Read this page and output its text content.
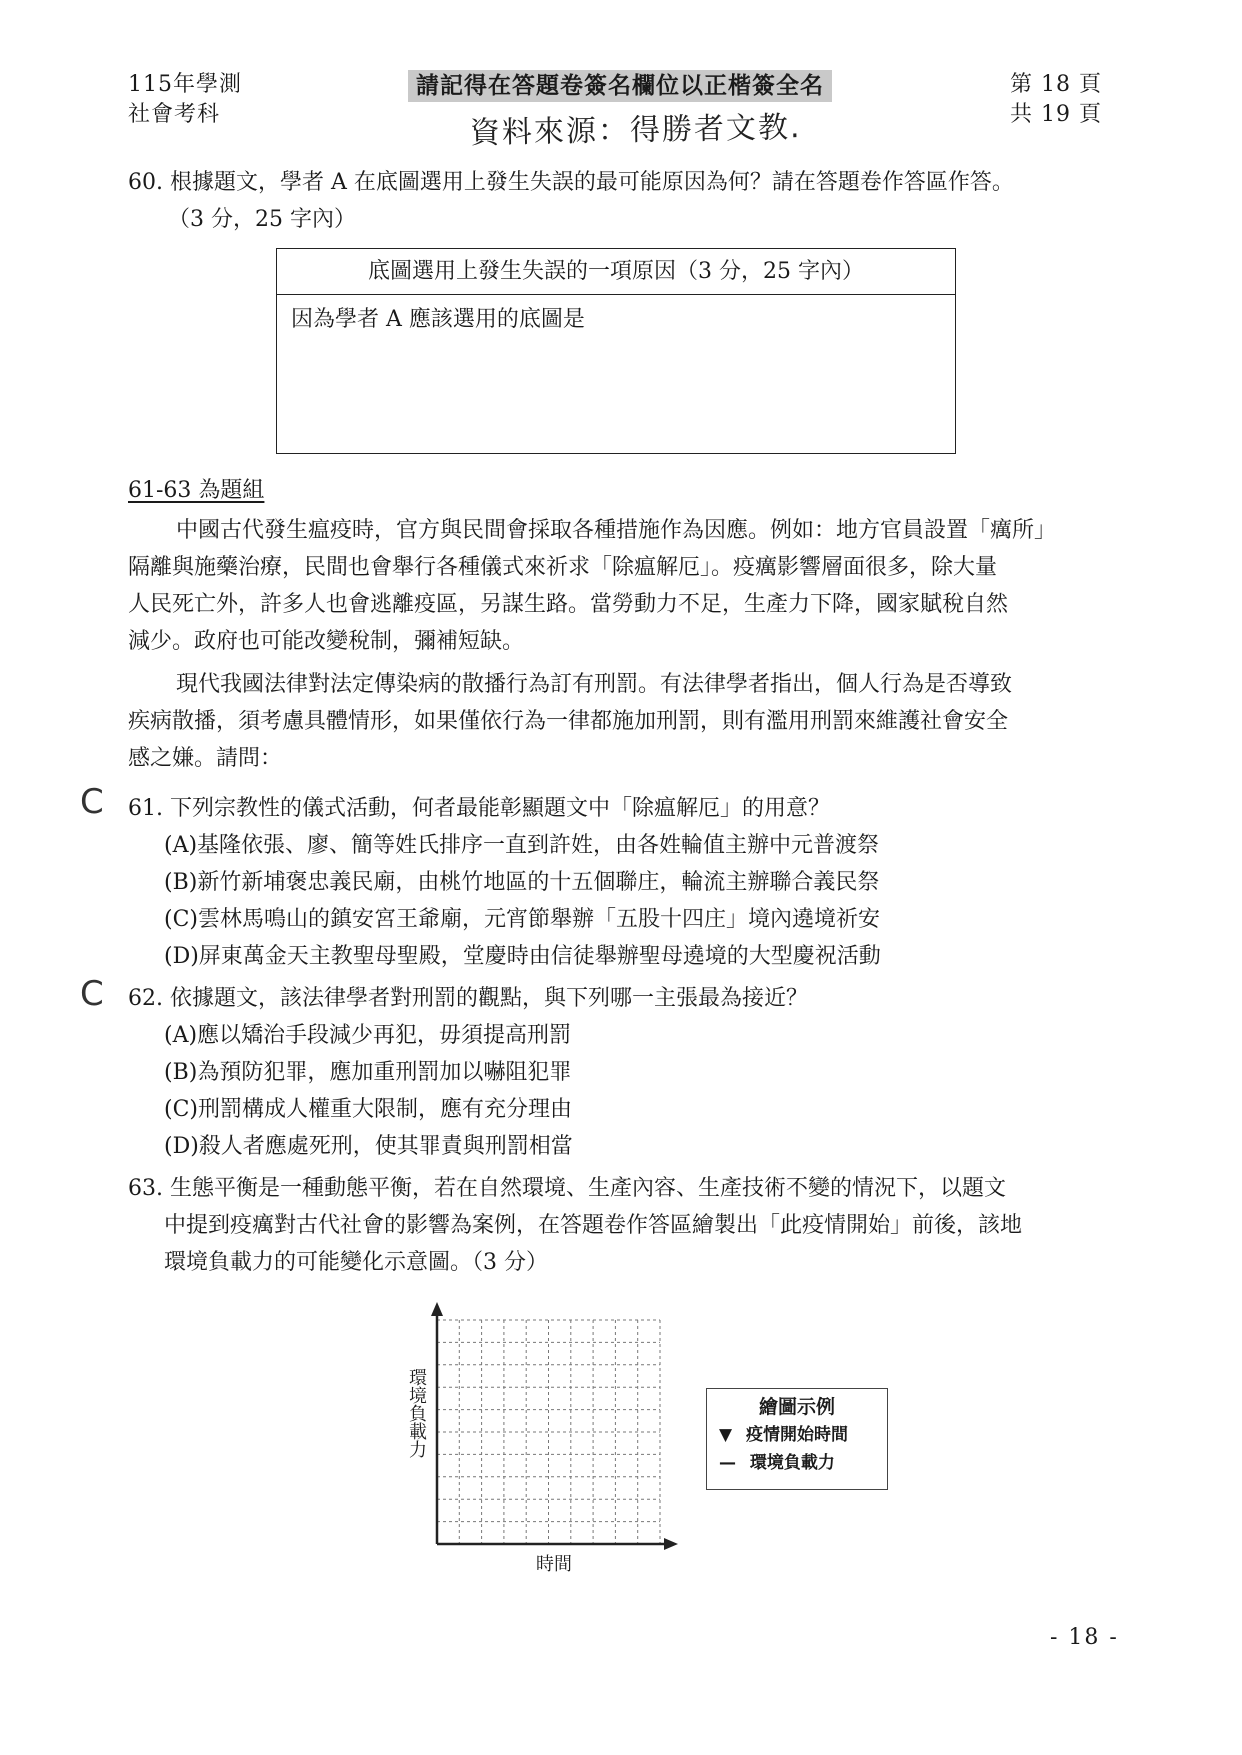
115年學測
社會考科
請記得在答題卷簽名欄位以正楷簽全名
資料來源：得勝者文教.
第 18 頁
共 19 頁
60. 根據題文，學者 A 在底圖選用上發生失誤的最可能原因為何？請在答題卷作答區作答。
（3 分，25 字內）
底圖選用上發生失誤的一項原因（3 分，25 字內）
因為學者 A 應該選用的底圖是
61-63 為題組
中國古代發生瘟疫時，官方與民間會採取各種措施作為因應。例如：地方官員設置「癘所」
隔離與施藥治療，民間也會舉行各種儀式來祈求「除瘟解厄」。疫癘影響層面很多，除大量
人民死亡外，許多人也會逃離疫區，另謀生路。當勞動力不足，生產力下降，國家賦稅自然
減少。政府也可能改變稅制，彌補短缺。
現代我國法律對法定傳染病的散播行為訂有刑罰。有法律學者指出，個人行為是否導致
疾病散播，須考慮具體情形，如果僅依行為一律都施加刑罰，則有濫用刑罰來維護社會安全
感之嫌。請問：
C 61. 下列宗教性的儀式活動，何者最能彰顯題文中「除瘟解厄」的用意？
(A)基隆依張、廖、簡等姓氏排序一直到許姓，由各姓輪值主辦中元普渡祭
(B)新竹新埔褒忠義民廟，由桃竹地區的十五個聯庄，輪流主辦聯合義民祭
(C)雲林馬鳴山的鎮安宮王爺廟，元宵節舉辦「五股十四庄」境內遶境祈安
(D)屏東萬金天主教聖母聖殿，堂慶時由信徒舉辦聖母遶境的大型慶祝活動
C 62. 依據題文，該法律學者對刑罰的觀點，與下列哪一主張最為接近？
(A)應以矯治手段減少再犯，毋須提高刑罰
(B)為預防犯罪，應加重刑罰加以嚇阻犯罪
(C)刑罰構成人權重大限制，應有充分理由
(D)殺人者應處死刑，使其罪責與刑罰相當
63. 生態平衡是一種動態平衡，若在自然環境、生產內容、生產技術不變的情況下，以題文
中提到疫癘對古代社會的影響為案例，在答題卷作答區繪製出「此疫情開始」前後，該地
環境負載力的可能變化示意圖。（3 分）
環境負載力
時間
繪圖示例
▼ 疫情開始時間
— 環境負載力
- 18 -
